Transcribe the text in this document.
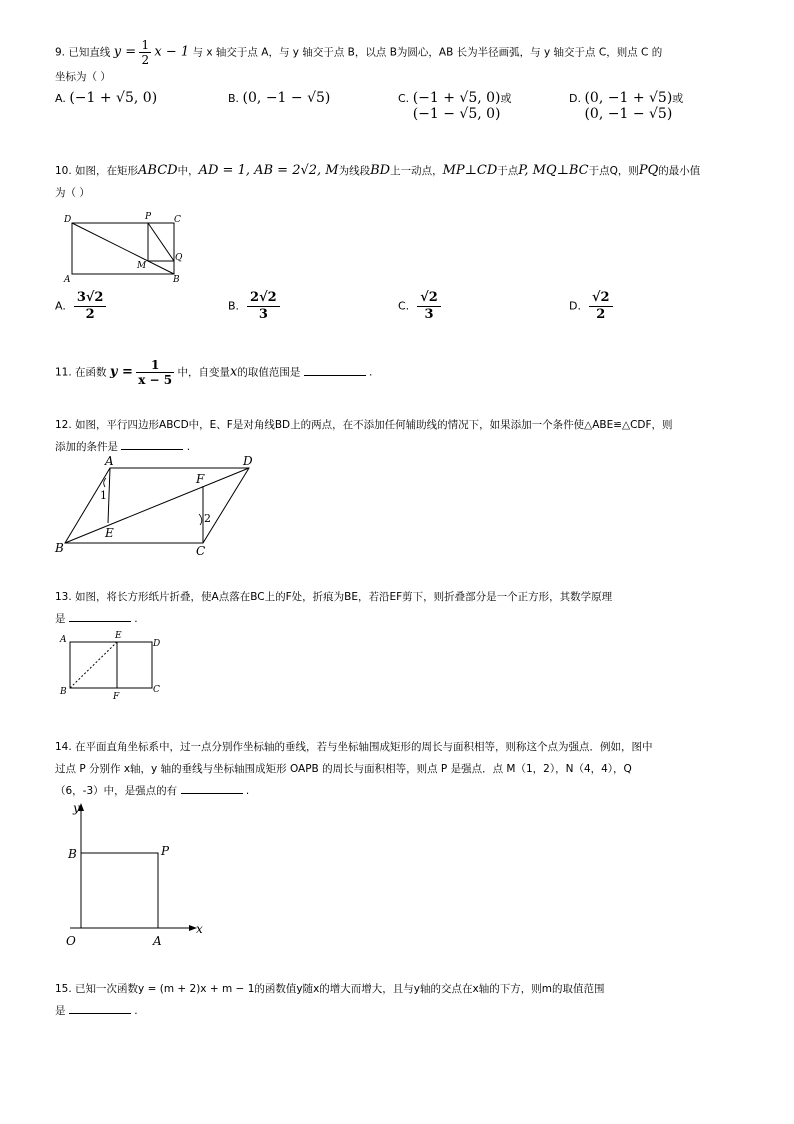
9. 已知直线 $y = \frac{1}{2}$ x − 1 与 x 轴交于点 A，与 y 轴交于点 B，以点 B为圆心，AB 长为半径画弧，与 y 轴交于点 C，则点 C 的
坐标为（ ）
A. (−1 + √5, 0)	B. (0, −1 − √5)	C. (−1 + √5, 0)或
(−1 − √5, 0)
D. (0, −1 + √5)或
(0, −1 − √5)
10. 如图，在矩形ABCD中，AD = 1, AB = 2√2, M为线段BD上一动点，MP⊥CD于点P, MQ⊥BC于点Q，则PQ的最小值
为（ ）
D	P	C
Q
M
A	B
A. $\frac{3√2}{2}$	B. $\frac{2√2}{3}$	C. $\frac{√2}{3}$	D. $\frac{√2}{2}$
11. 在函数 $y = \frac{1}{x - 5}$ 中，自变量x的取值范围是	.
12. 如图，平行四边形ABCD中，E、F是对角线BD上的两点，在不添加任何辅助线的情况下，如果添加一个条件使△ABE≌△CDF，则
添加的条件是	.
A	D
F
1
2
E
B	C
13. 如图，将长方形纸片折叠，使A点落在BC上的F处，折痕为BE，若沿EF剪下，则折叠部分是一个正方形，其数学原理
是	.
A	E
D
B	F
C
14. 在平面直角坐标系中，过一点分别作坐标轴的垂线，若与坐标轴围成矩形的周长与面积相等，则称这个点为强点．例如，图中
过点 P 分别作 x轴，y 轴的垂线与坐标轴围成矩形 OAPB 的周长与面积相等，则点 P 是强点．点 M（1，2），N（4，4），Q
（6，-3）中，是强点的有	.
y
B	P
O	A
x
15. 已知一次函数y = (m + 2)x + m − 1的函数值y随x的增大而增大，且与y轴的交点在x轴的下方，则m的取值范围
是	.
